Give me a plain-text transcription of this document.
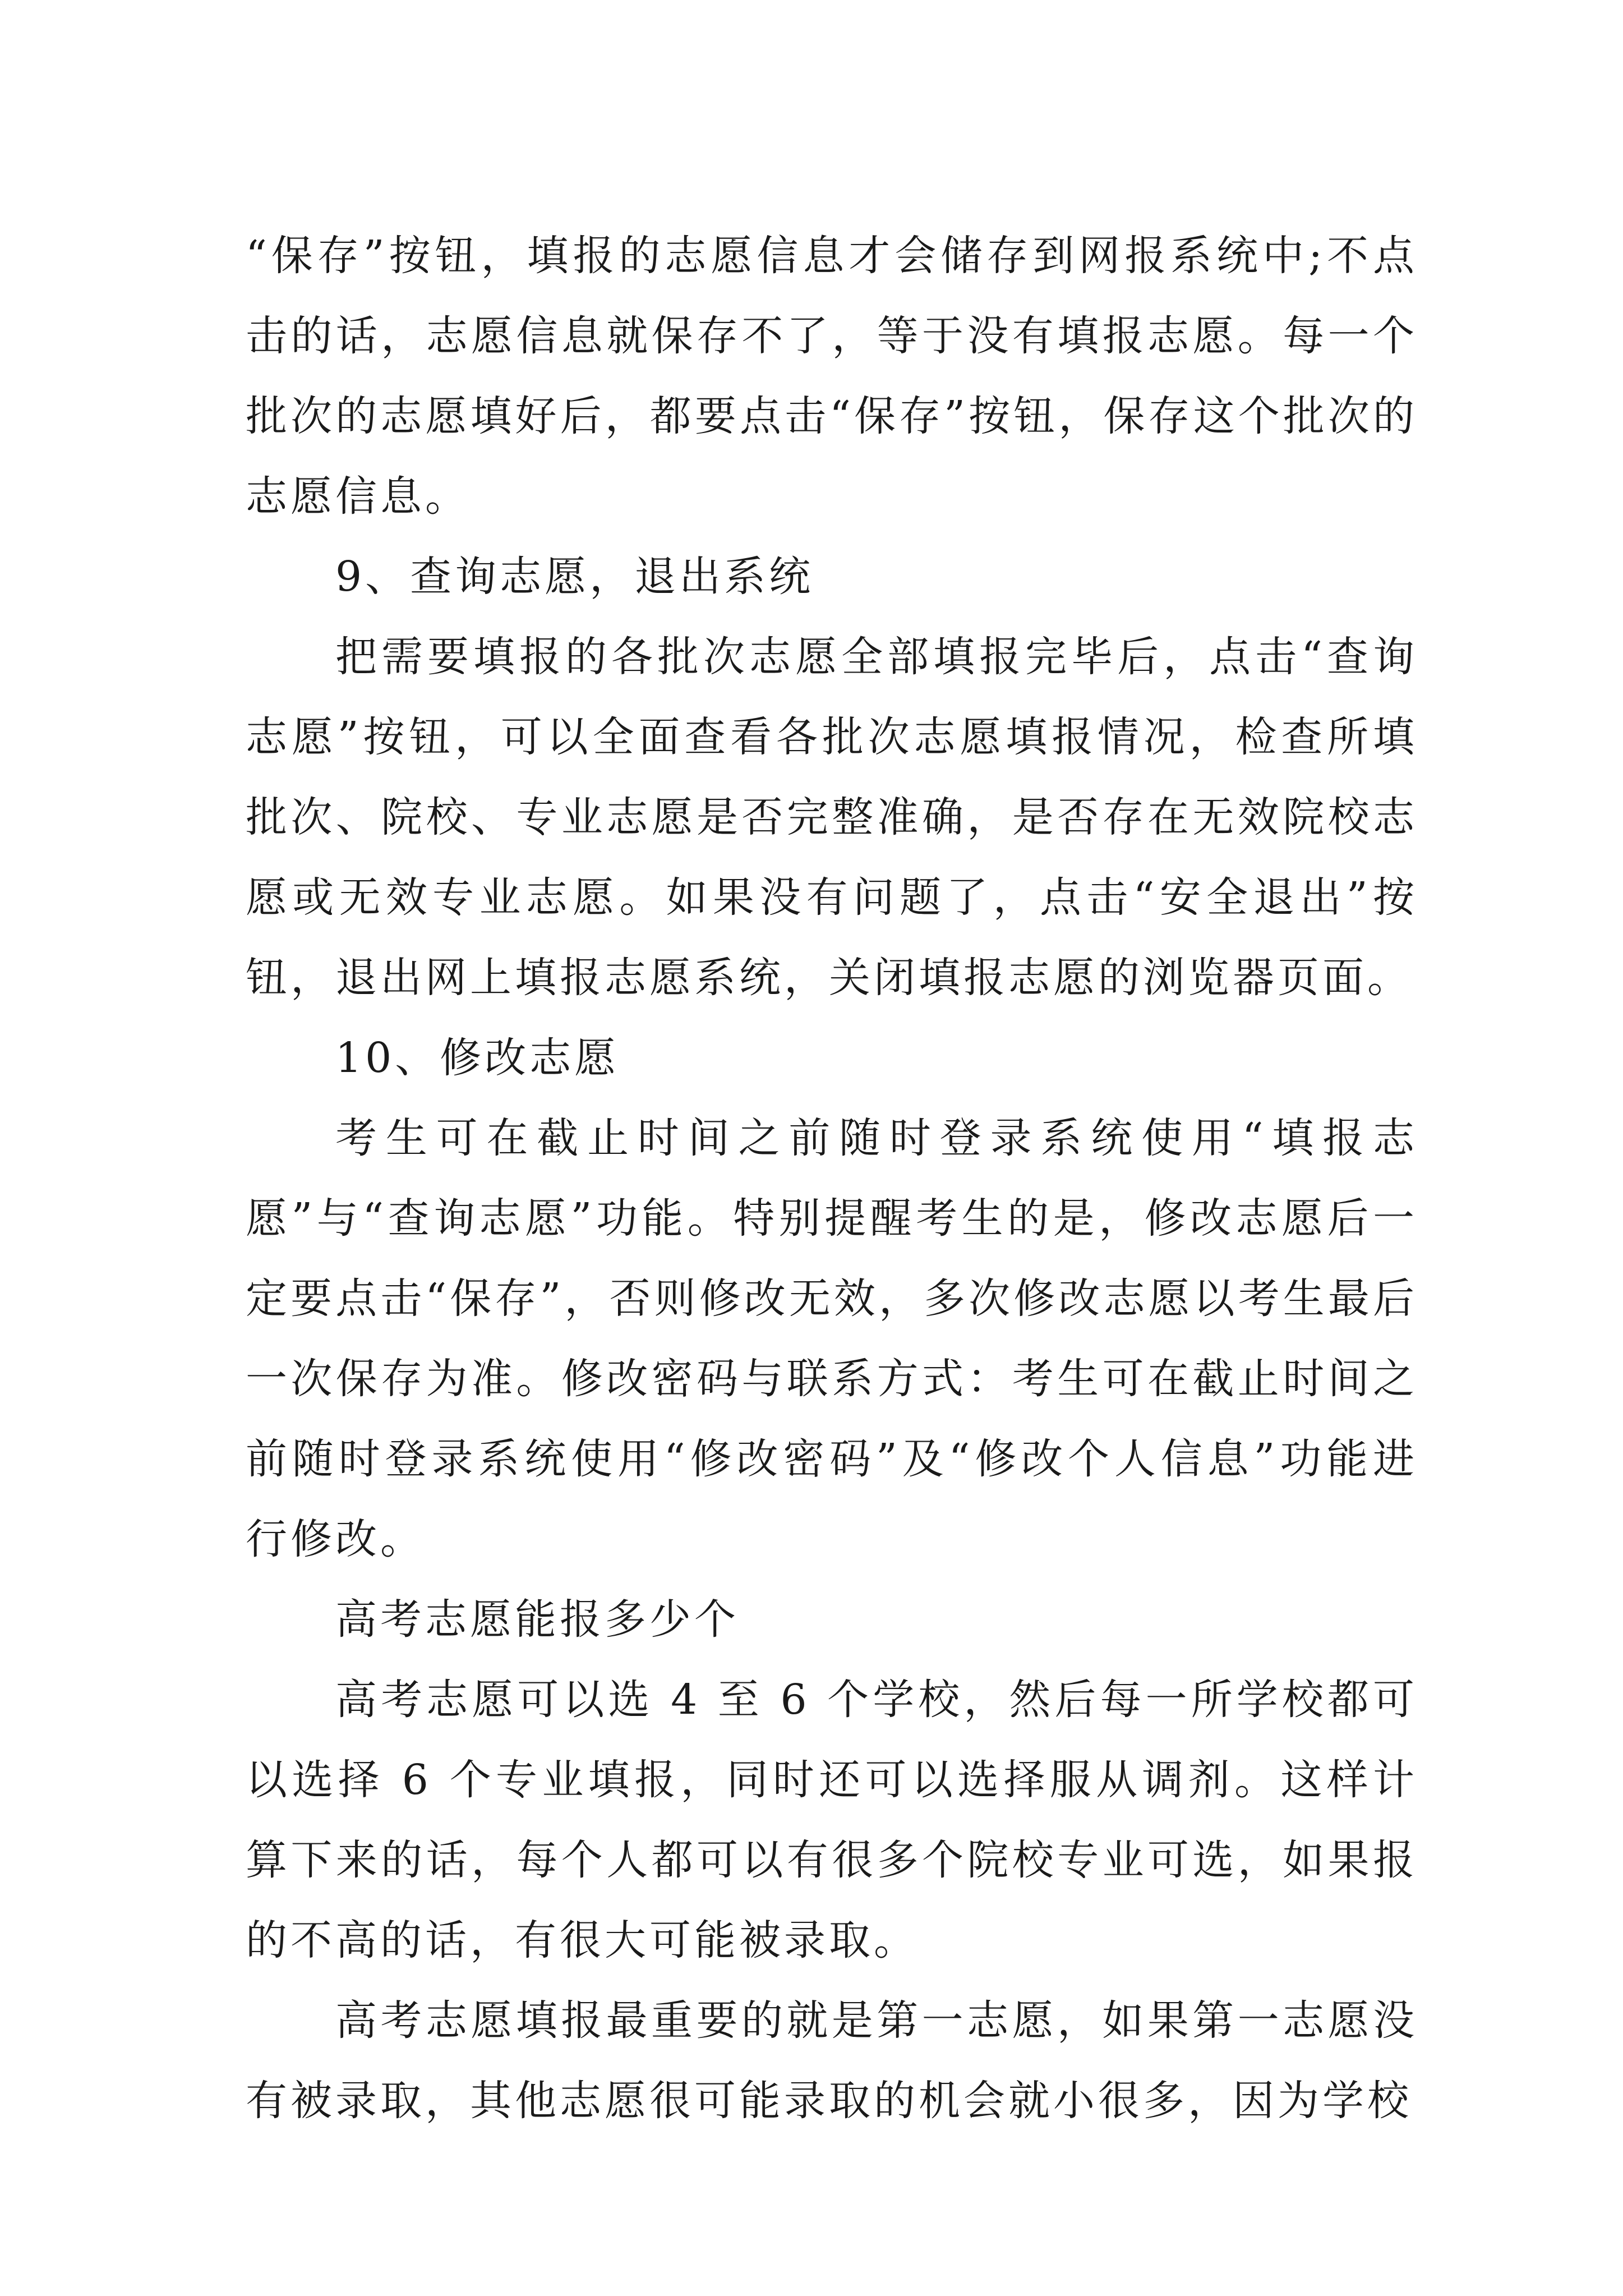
“保存”按钮，填报的志愿信息才会储存到网报系统中;不点击的话，志愿信息就保存不了，等于没有填报志愿。每一个批次的志愿填好后，都要点击“保存”按钮，保存这个批次的志愿信息。

9、查询志愿，退出系统

把需要填报的各批次志愿全部填报完毕后，点击“查询志愿”按钮，可以全面查看各批次志愿填报情况，检查所填批次、院校、专业志愿是否完整准确，是否存在无效院校志愿或无效专业志愿。如果没有问题了，点击“安全退出”按钮，退出网上填报志愿系统，关闭填报志愿的浏览器页面。

10、修改志愿

考生可在截止时间之前随时登录系统使用“填报志愿”与“查询志愿”功能。特别提醒考生的是，修改志愿后一定要点击“保存”，否则修改无效，多次修改志愿以考生最后一次保存为准。修改密码与联系方式：考生可在截止时间之前随时登录系统使用“修改密码”及“修改个人信息”功能进行修改。

高考志愿能报多少个

高考志愿可以选 4 至 6 个学校，然后每一所学校都可以选择 6 个专业填报，同时还可以选择服从调剂。这样计算下来的话，每个人都可以有很多个院校专业可选，如果报的不高的话，有很大可能被录取。

高考志愿填报最重要的就是第一志愿，如果第一志愿没有被录取，其他志愿很可能录取的机会就小很多，因为学校
